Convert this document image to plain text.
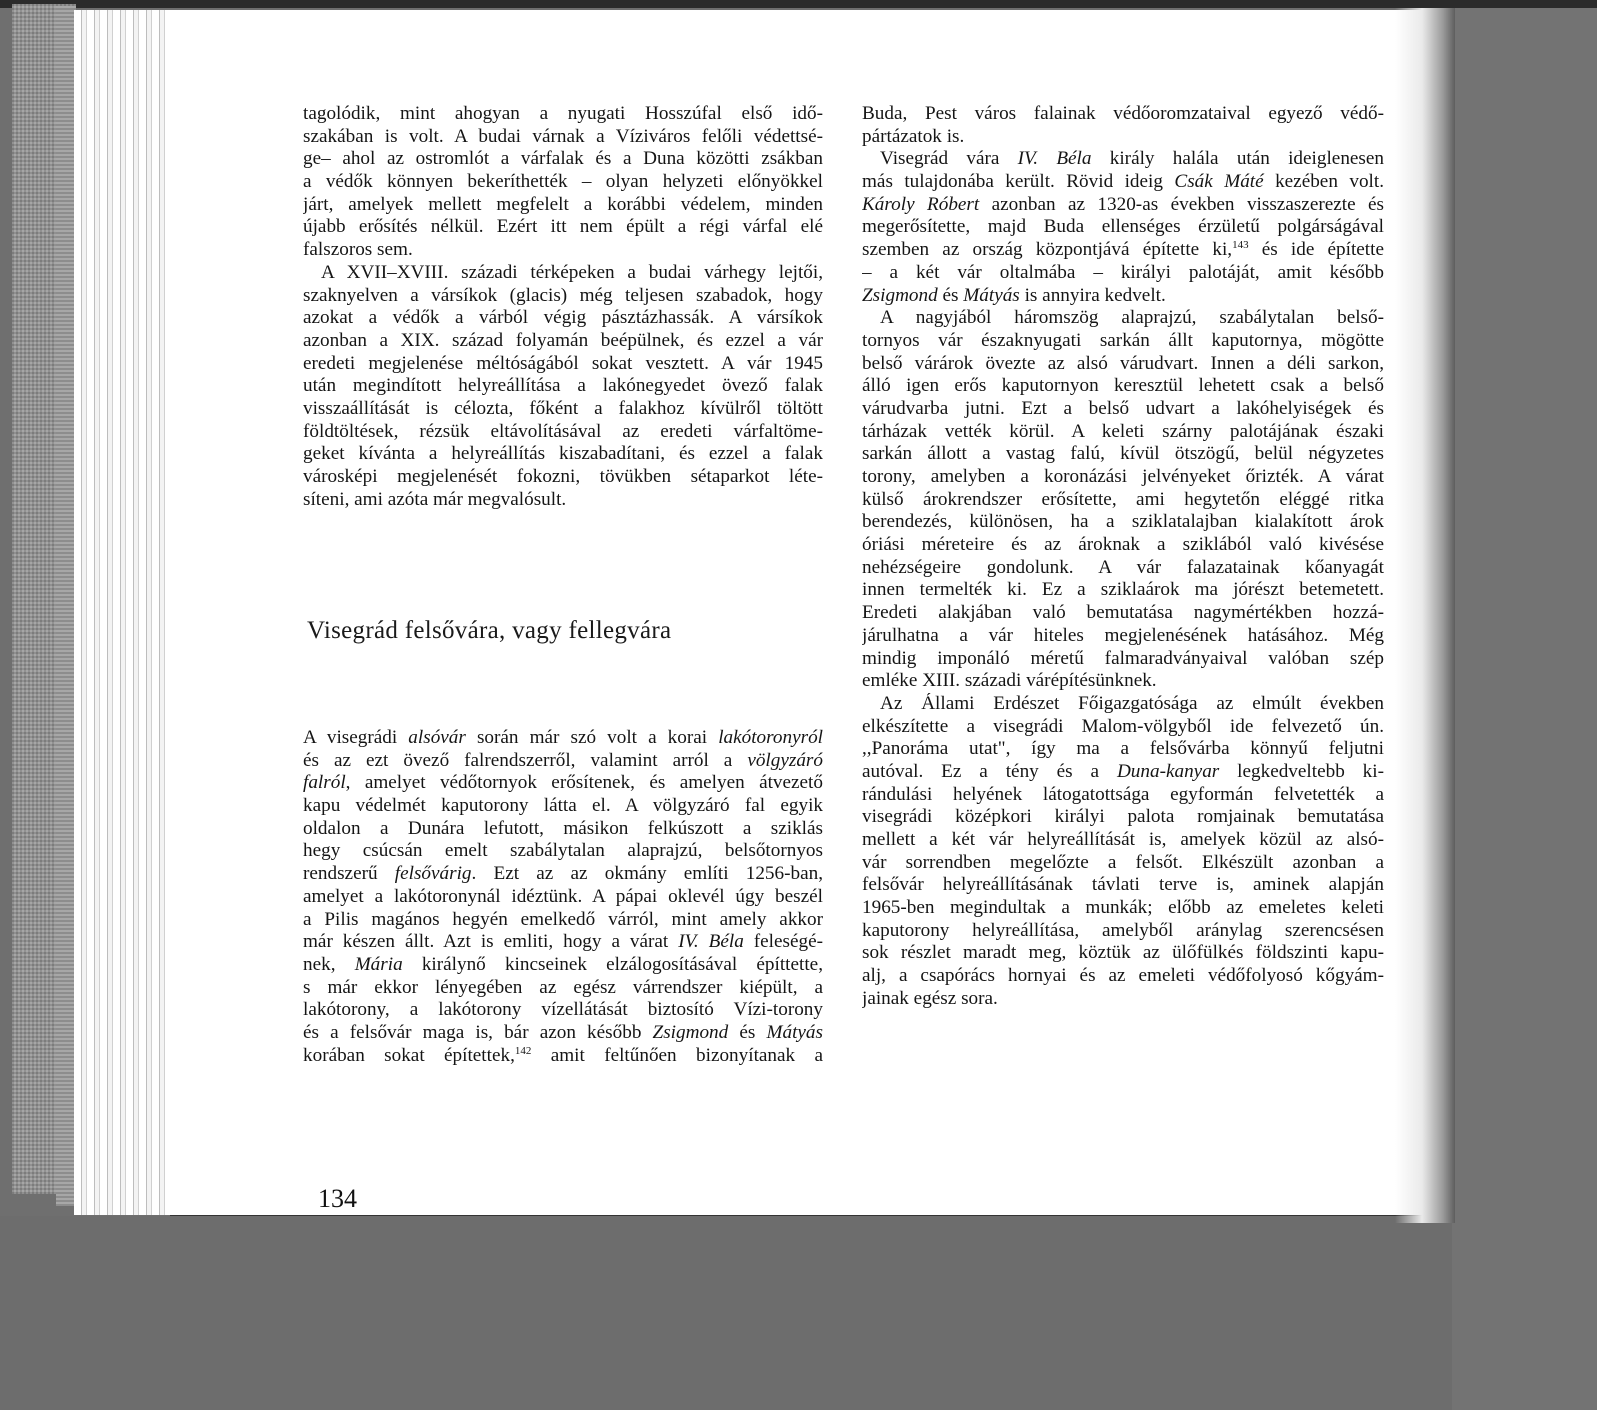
tagolódik, mint ahogyan a nyugati Hosszúfal első idő-
szakában is volt. A budai várnak a Víziváros felőli védettsé-
ge– ahol az ostromlót a várfalak és a Duna közötti zsákban
a védők könnyen bekeríthették – olyan helyzeti előnyökkel
járt, amelyek mellett megfelelt a korábbi védelem, minden
újabb erősítés nélkül. Ezért itt nem épült a régi várfal elé
falszoros sem.
A XVII–XVIII. századi térképeken a budai várhegy lejtői,
szaknyelven a vársíkok (glacis) még teljesen szabadok, hogy
azokat a védők a várból végig pásztázhassák. A vársíkok
azonban a XIX. század folyamán beépülnek, és ezzel a vár
eredeti megjelenése méltóságából sokat vesztett. A vár 1945
után megindított helyreállítása a lakónegyedet övező falak
visszaállítását is célozta, főként a falakhoz kívülről töltött
földtöltések, rézsük eltávolításával az eredeti várfaltöme-
geket kívánta a helyreállítás kiszabadítani, és ezzel a falak
városképi megjelenését fokozni, tövükben sétaparkot léte-
síteni, ami azóta már megvalósult.
Visegrád felsővára, vagy fellegvára
A visegrádi alsóvár során már szó volt a korai lakótoronyról
és az ezt övező falrendszerről, valamint arról a völgyzáró
falról, amelyet védőtornyok erősítenek, és amelyen átvezető
kapu védelmét kaputorony látta el. A völgyzáró fal egyik
oldalon a Dunára lefutott, másikon felkúszott a sziklás
hegy csúcsán emelt szabálytalan alaprajzú, belsőtornyos
rendszerű felsővárig. Ezt az az okmány említi 1256-ban,
amelyet a lakótoronynál idéztünk. A pápai oklevél úgy beszél
a Pilis magános hegyén emelkedő várról, mint amely akkor
már készen állt. Azt is emliti, hogy a várat IV. Béla feleségé-
nek, Mária királynő kincseinek elzálogosításával építtette,
s már ekkor lényegében az egész várrendszer kiépült, a
lakótorony, a lakótorony vízellátását biztosító Vízi-torony
és a felsővár maga is, bár azon később Zsigmond és Mátyás
korában sokat építettek,$^{142}$ amit feltűnően bizonyítanak a
Buda, Pest város falainak védőoromzataival egyező védő-
pártázatok is.
Visegrád vára IV. Béla király halála után ideiglenesen
más tulajdonába került. Rövid ideig Csák Máté kezében volt.
Károly Róbert azonban az 1320-as években visszaszerezte és
megerősítette, majd Buda ellenséges érzületű polgárságával
szemben az ország központjává építette ki,$^{143}$ és ide építette
– a két vár oltalmába – királyi palotáját, amit később
Zsigmond és Mátyás is annyira kedvelt.
A nagyjából háromszög alaprajzú, szabálytalan belső-
tornyos vár északnyugati sarkán állt kaputornya, mögötte
belső várárok övezte az alsó várudvart. Innen a déli sarkon,
álló igen erős kaputornyon keresztül lehetett csak a belső
várudvarba jutni. Ezt a belső udvart a lakóhelyiségek és
tárházak vették körül. A keleti szárny palotájának északi
sarkán állott a vastag falú, kívül ötszögű, belül négyzetes
torony, amelyben a koronázási jelvényeket őrizték. A várat
külső árokrendszer erősítette, ami hegytetőn eléggé ritka
berendezés, különösen, ha a sziklatalajban kialakított árok
óriási méreteire és az ároknak a sziklából való kivésése
nehézségeire gondolunk. A vár falazatainak kőanyagát
innen termelték ki. Ez a sziklaárok ma jórészt betemetett.
Eredeti alakjában való bemutatása nagymértékben hozzá-
járulhatna a vár hiteles megjelenésének hatásához. Még
mindig imponáló méretű falmaradványaival valóban szép
emléke XIII. századi várépítésünknek.
Az Állami Erdészet Főigazgatósága az elmúlt években
elkészítette a visegrádi Malom-völgyből ide felvezető ún.
,,Panoráma utat", így ma a felsővárba könnyű feljutni
autóval. Ez a tény és a Duna-kanyar legkedveltebb ki-
rándulási helyének látogatottsága egyformán felvetették a
visegrádi középkori királyi palota romjainak bemutatása
mellett a két vár helyreállítását is, amelyek közül az alsó-
vár sorrendben megelőzte a felsőt. Elkészült azonban a
felsővár helyreállításának távlati terve is, aminek alapján
1965-ben megindultak a munkák; előbb az emeletes keleti
kaputorony helyreállítása, amelyből aránylag szerencsésen
sok részlet maradt meg, köztük az ülőfülkés földszinti kapu-
alj, a csapórács hornyai és az emeleti védőfolyosó kőgyám-
jainak egész sora.
134
